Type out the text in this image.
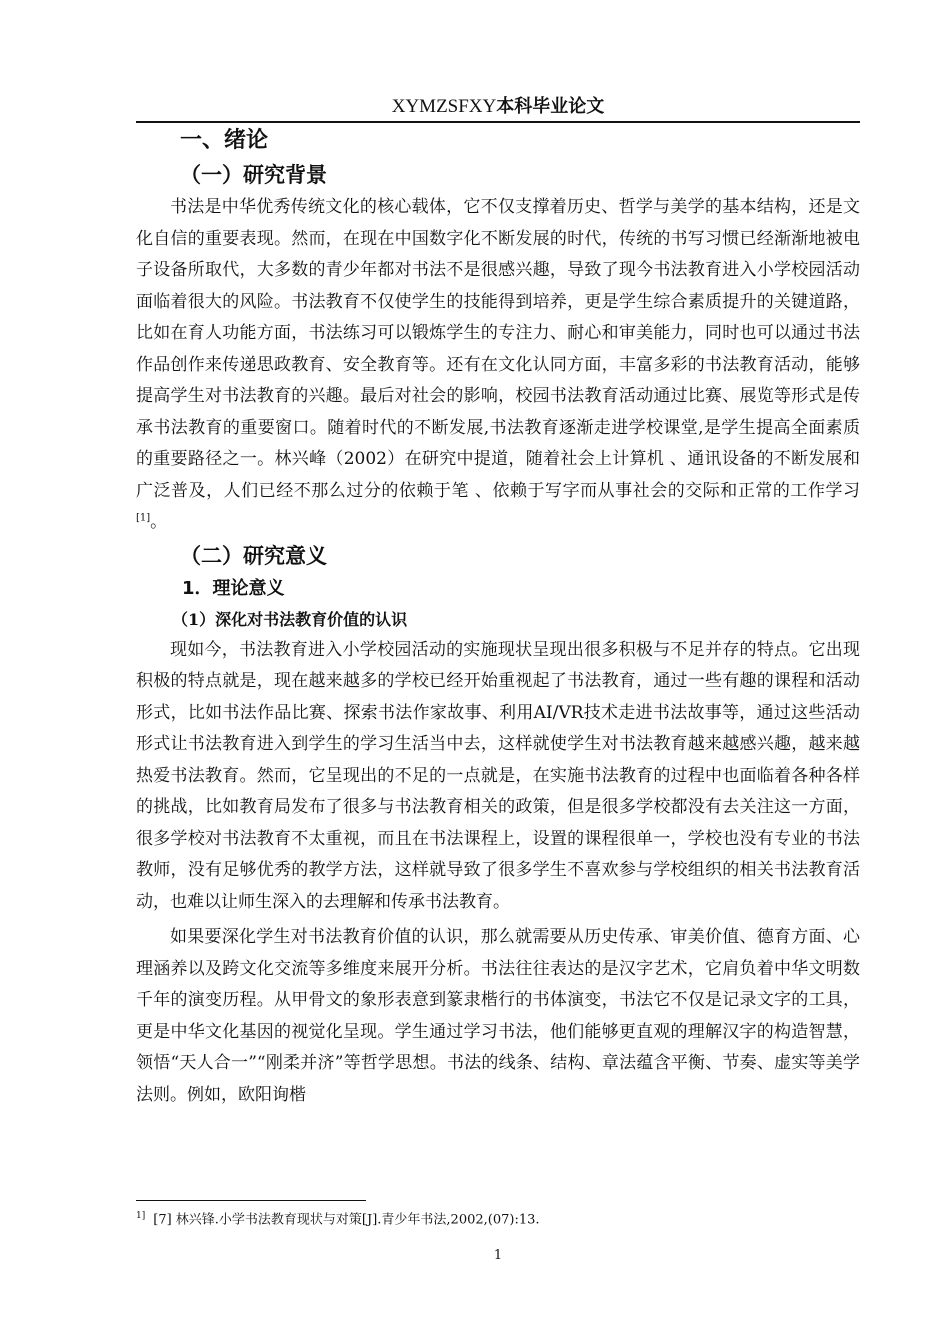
XYMZSFXY本科毕业论文
一、绪论
（一）研究背景

书法是中华优秀传统文化的核心载体，它不仅支撑着历史、哲学与美学的基本结构，还是文化自信的重要表现。然而，在现在中国数字化不断发展的时代，传统的书写习惯已经渐渐地被电子设备所取代，大多数的青少年都对书法不是很感兴趣，导致了现今书法教育进入小学校园活动面临着很大的风险。书法教育不仅使学生的技能得到培养，更是学生综合素质提升的关键道路，比如在育人功能方面，书法练习可以锻炼学生的专注力、耐心和审美能力，同时也可以通过书法作品创作来传递思政教育、安全教育等。还有在文化认同方面，丰富多彩的书法教育活动，能够提高学生对书法教育的兴趣。最后对社会的影响，校园书法教育活动通过比赛、展览等形式是传承书法教育的重要窗口。随着时代的不断发展,书法教育逐渐走进学校课堂,是学生提高全面素质的重要路径之一。林兴峰（2002）在研究中提道，随着社会上计算机 、通讯设备的不断发展和广泛普及，人们已经不那么过分的依赖于笔 、依赖于写字而从事社会的交际和正常的工作学习[1]。

（二）研究意义
1．理论意义
（1）深化对书法教育价值的认识

现如今，书法教育进入小学校园活动的实施现状呈现出很多积极与不足并存的特点。它出现积极的特点就是，现在越来越多的学校已经开始重视起了书法教育，通过一些有趣的课程和活动形式，比如书法作品比赛、探索书法作家故事、利用AI/VR技术走进书法故事等，通过这些活动形式让书法教育进入到学生的学习生活当中去，这样就使学生对书法教育越来越感兴趣，越来越热爱书法教育。然而，它呈现出的不足的一点就是，在实施书法教育的过程中也面临着各种各样的挑战，比如教育局发布了很多与书法教育相关的政策，但是很多学校都没有去关注这一方面，很多学校对书法教育不太重视，而且在书法课程上，设置的课程很单一，学校也没有专业的书法教师，没有足够优秀的教学方法，这样就导致了很多学生不喜欢参与学校组织的相关书法教育活动，也难以让师生深入的去理解和传承书法教育。

如果要深化学生对书法教育价值的认识，那么就需要从历史传承、审美价值、德育方面、心理涵养以及跨文化交流等多维度来展开分析。书法往往表达的是汉字艺术，它肩负着中华文明数千年的演变历程。从甲骨文的象形表意到篆隶楷行的书体演变，书法它不仅是记录文字的工具，更是中华文化基因的视觉化呈现。学生通过学习书法，他们能够更直观的理解汉字的构造智慧，领悟“天人合一”“刚柔并济”等哲学思想。书法的线条、结构、章法蕴含平衡、节奏、虚实等美学法则。例如，欧阳询楷

$^{1]}$ [7] 林兴锋.小学书法教育现状与对策[J].青少年书法,2002,(07):13.
1
